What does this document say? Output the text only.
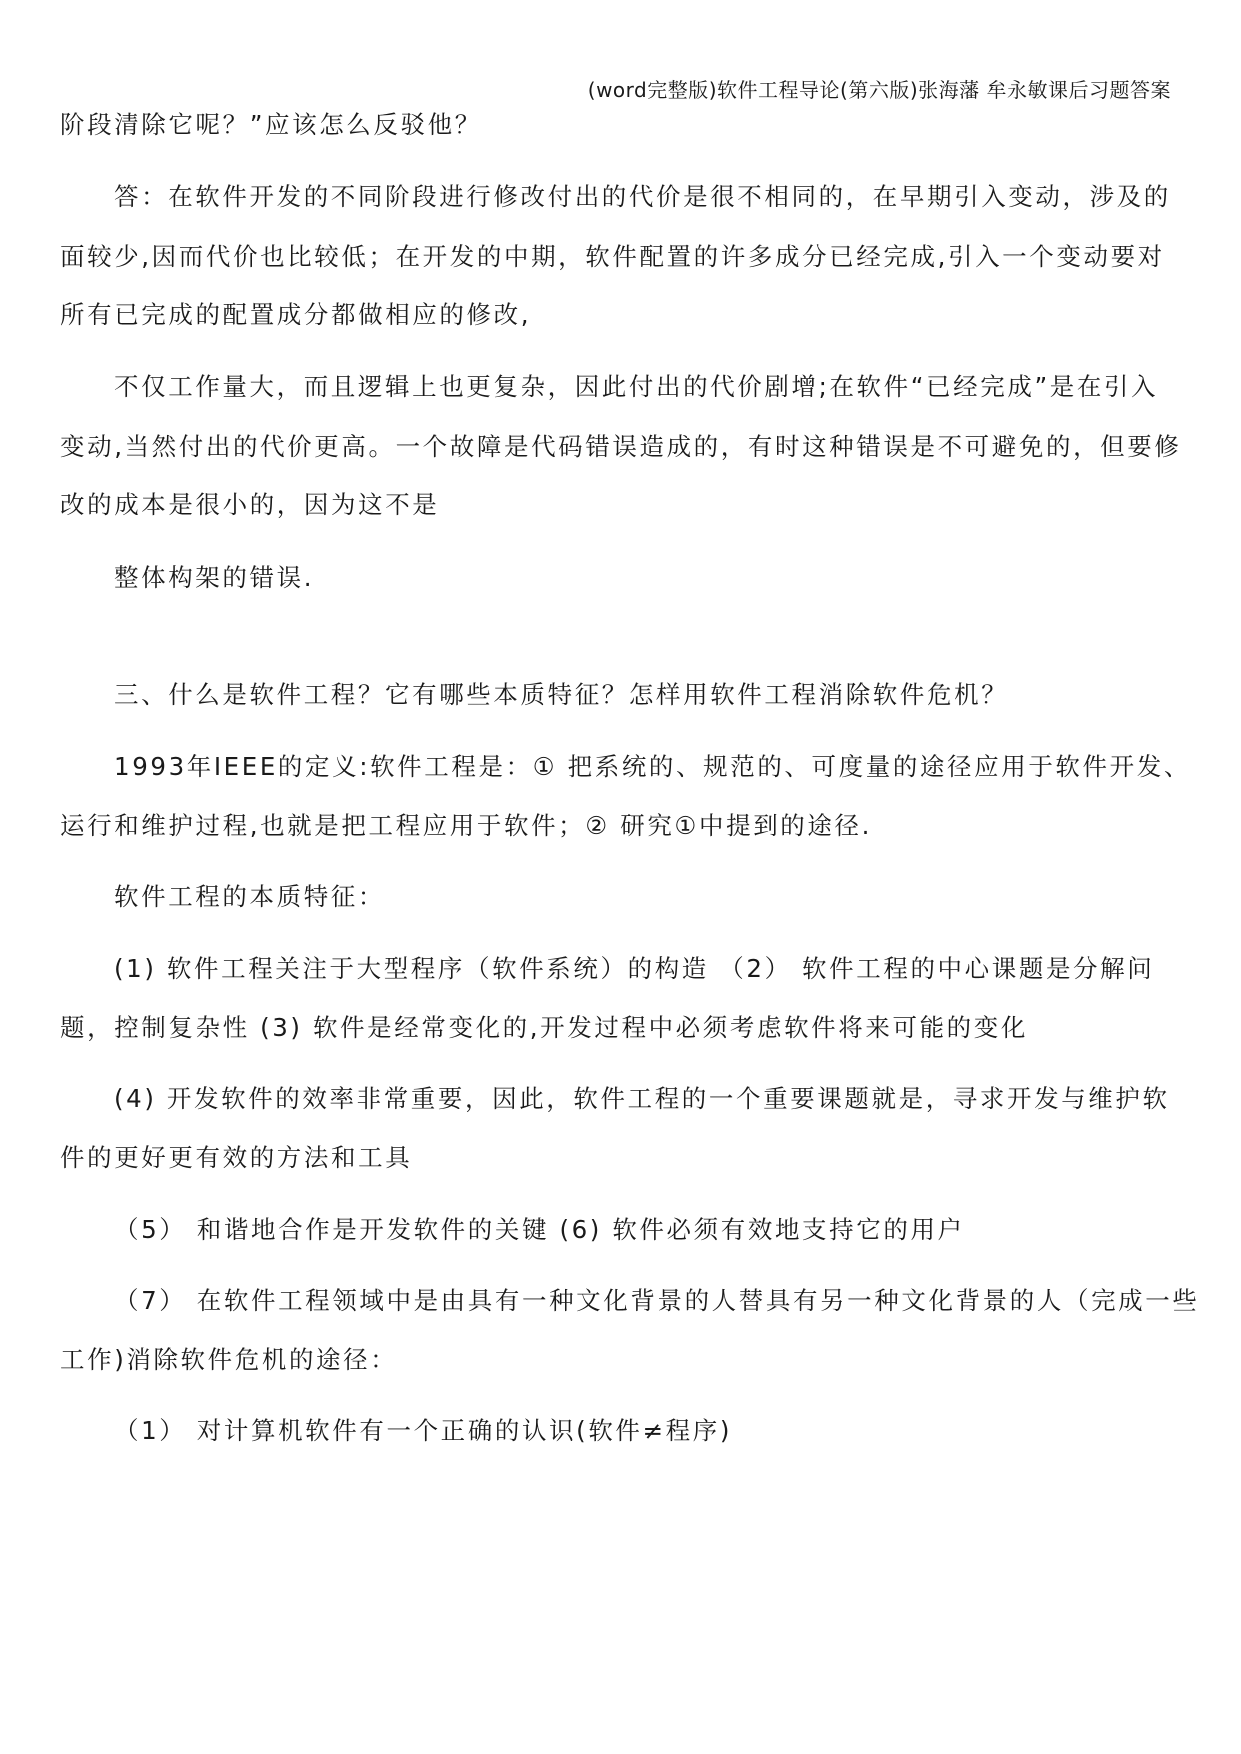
(word完整版)软件工程导论(第六版)张海藩 牟永敏课后习题答案
阶段清除它呢？”应该怎么反驳他？
答：在软件开发的不同阶段进行修改付出的代价是很不相同的，在早期引入变动，涉及的
面较少,因而代价也比较低；在开发的中期，软件配置的许多成分已经完成,引入一个变动要对
所有已完成的配置成分都做相应的修改,
不仅工作量大，而且逻辑上也更复杂，因此付出的代价剧增;在软件“已经完成”是在引入
变动,当然付出的代价更高。一个故障是代码错误造成的，有时这种错误是不可避免的，但要修
改的成本是很小的，因为这不是
整体构架的错误.
三、什么是软件工程？它有哪些本质特征？怎样用软件工程消除软件危机？
1993年IEEE的定义:软件工程是：① 把系统的、规范的、可度量的途径应用于软件开发、
运行和维护过程,也就是把工程应用于软件；② 研究①中提到的途径.
软件工程的本质特征：
(1) 软件工程关注于大型程序（软件系统）的构造 （2） 软件工程的中心课题是分解问
题，控制复杂性 (3) 软件是经常变化的,开发过程中必须考虑软件将来可能的变化
(4) 开发软件的效率非常重要，因此，软件工程的一个重要课题就是，寻求开发与维护软
件的更好更有效的方法和工具
（5） 和谐地合作是开发软件的关键 (6) 软件必须有效地支持它的用户
（7） 在软件工程领域中是由具有一种文化背景的人替具有另一种文化背景的人（完成一些
工作)消除软件危机的途径：
（1） 对计算机软件有一个正确的认识(软件≠程序)
